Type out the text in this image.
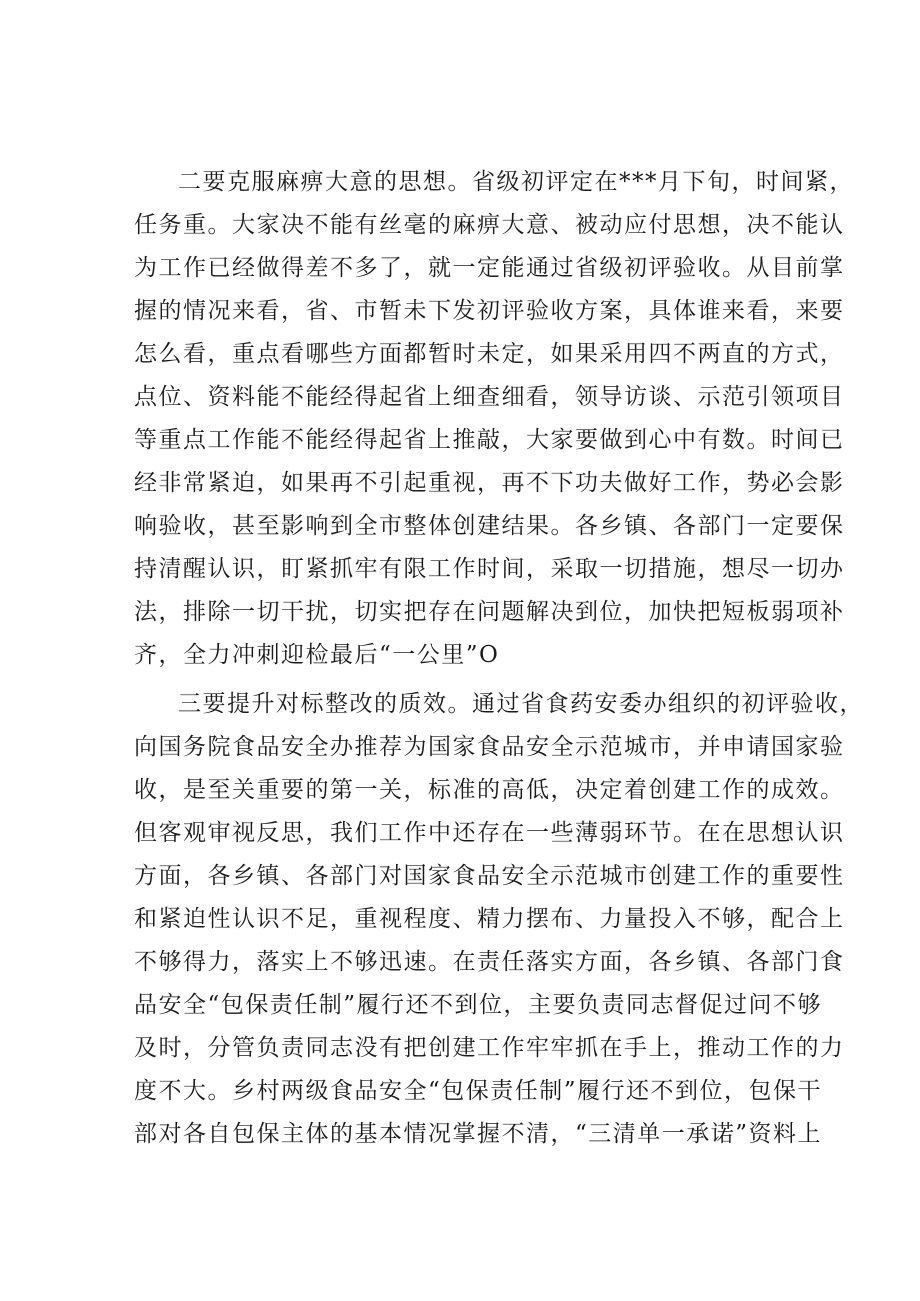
二要克服麻痹大意的思想。省级初评定在***月下旬，时间紧，
任务重。大家决不能有丝毫的麻痹大意、被动应付思想，决不能认
为工作已经做得差不多了，就一定能通过省级初评验收。从目前掌
握的情况来看，省、市暂未下发初评验收方案，具体谁来看，来要
怎么看，重点看哪些方面都暂时未定，如果采用四不两直的方式，
点位、资料能不能经得起省上细查细看，领导访谈、示范引领项目
等重点工作能不能经得起省上推敲，大家要做到心中有数。时间已
经非常紧迫，如果再不引起重视，再不下功夫做好工作，势必会影
响验收，甚至影响到全市整体创建结果。各乡镇、各部门一定要保
持清醒认识，盯紧抓牢有限工作时间，采取一切措施，想尽一切办
法，排除一切干扰，切实把存在问题解决到位，加快把短板弱项补
齐，全力冲刺迎检最后“一公里”O
三要提升对标整改的质效。通过省食药安委办组织的初评验收，
向国务院食品安全办推荐为国家食品安全示范城市，并申请国家验
收，是至关重要的第一关，标准的高低，决定着创建工作的成效。
但客观审视反思，我们工作中还存在一些薄弱环节。在在思想认识
方面，各乡镇、各部门对国家食品安全示范城市创建工作的重要性
和紧迫性认识不足，重视程度、精力摆布、力量投入不够，配合上
不够得力，落实上不够迅速。在责任落实方面，各乡镇、各部门食
品安全“包保责任制”履行还不到位，主要负责同志督促过问不够
及时，分管负责同志没有把创建工作牢牢抓在手上，推动工作的力
度不大。乡村两级食品安全“包保责任制”履行还不到位，包保干
部对各自包保主体的基本情况掌握不清，“三清单一承诺”资料上
